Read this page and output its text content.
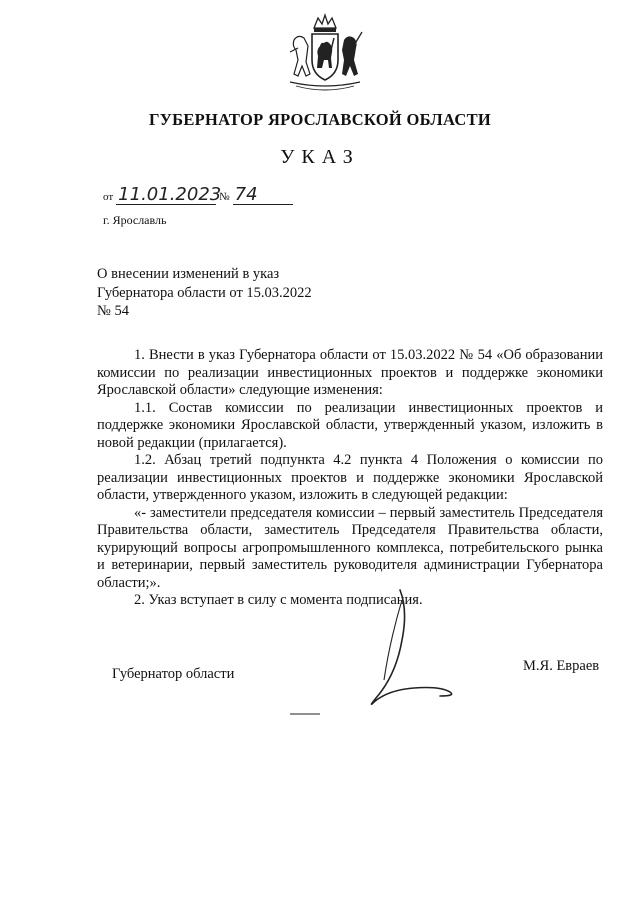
ГУБЕРНАТОР ЯРОСЛАВСКОЙ ОБЛАСТИ
УКАЗ
от 11.01.2023 № 74
г. Ярославль
О внесении изменений в указ
Губернатора области от 15.03.2022
№ 54

1. Внести в указ Губернатора области от 15.03.2022 № 54 «Об образовании комиссии по реализации инвестиционных проектов и поддержке экономики Ярославской области» следующие изменения:

1.1. Состав комиссии по реализации инвестиционных проектов и поддержке экономики Ярославской области, утвержденный указом, изложить в новой редакции (прилагается).

1.2. Абзац третий подпункта 4.2 пункта 4 Положения о комиссии по реализации инвестиционных проектов и поддержке экономики Ярославской области, утвержденного указом, изложить в следующей редакции:

«- заместители председателя комиссии – первый заместитель Председателя Правительства области, заместитель Председателя Правительства области, курирующий вопросы агропромышленного комплекса, потребительского рынка и ветеринарии, первый заместитель руководителя администрации Губернатора области;».

2. Указ вступает в силу с момента подписания.

Губернатор области	М.Я. Евраев
